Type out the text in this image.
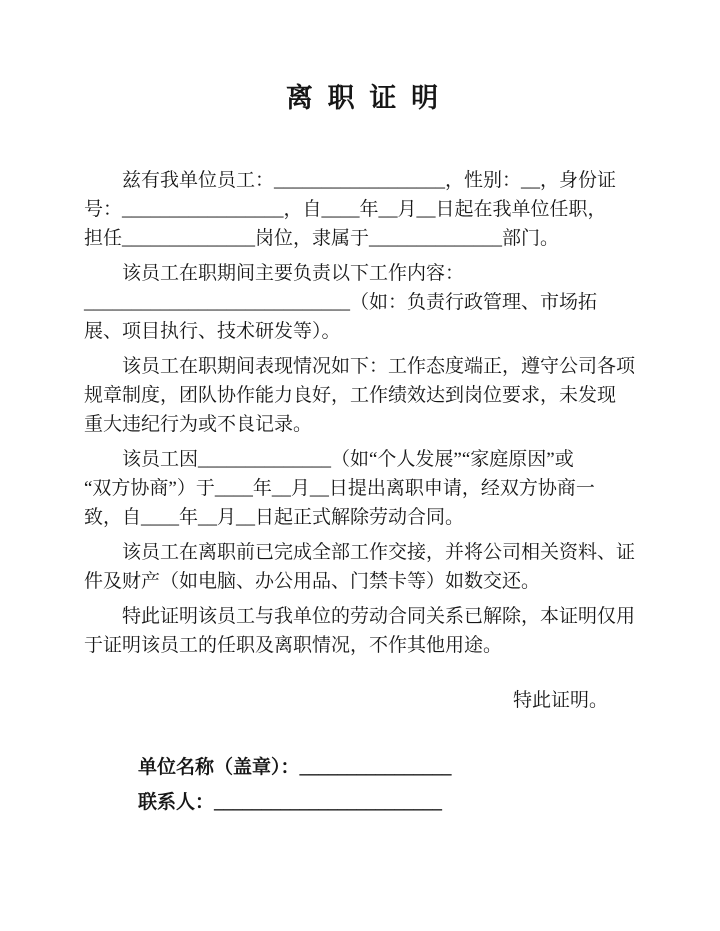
离 职 证 明
兹有我单位员工：__________________，性别：__，身份证
号：_________________，自____年__月__日起在我单位任职，
担任______________岗位，隶属于______________部门。
该员工在职期间主要负责以下工作内容：
____________________________（如：负责行政管理、市场拓
展、项目执行、技术研发等）。
该员工在职期间表现情况如下：工作态度端正，遵守公司各项
规章制度，团队协作能力良好，工作绩效达到岗位要求，未发现
重大违纪行为或不良记录。
该员工因______________（如“个人发展”“家庭原因”或
“双方协商”）于____年__月__日提出离职申请，经双方协商一
致，自____年__月__日起正式解除劳动合同。
该员工在离职前已完成全部工作交接，并将公司相关资料、证
件及财产（如电脑、办公用品、门禁卡等）如数交还。
特此证明该员工与我单位的劳动合同关系已解除，本证明仅用
于证明该员工的任职及离职情况，不作其他用途。
特此证明。
单位名称（盖章）：________________
联系人：________________________
